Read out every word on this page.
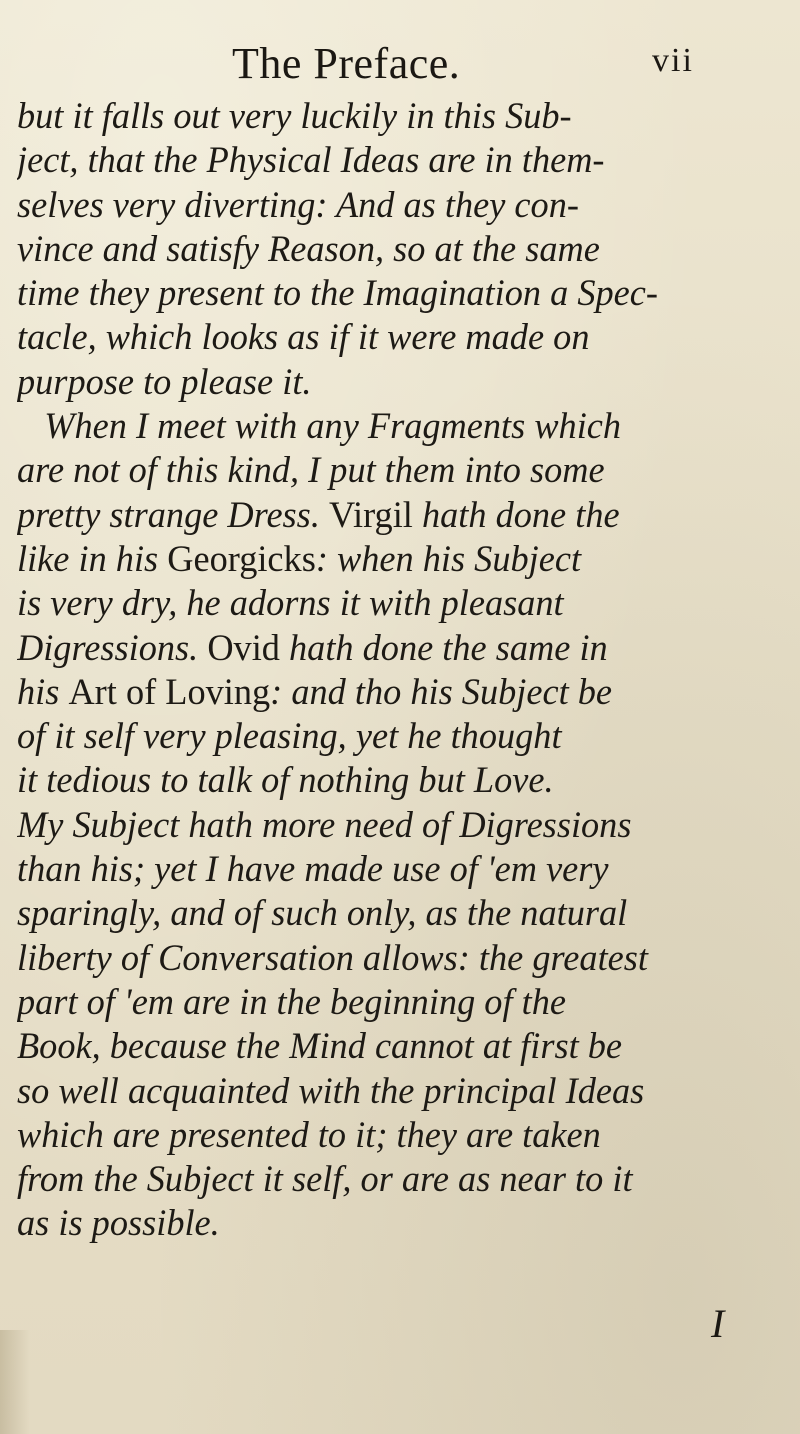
The Preface.	vii
but it falls out very luckily in this Sub-
ject, that the Physical Ideas are in them-
selves very diverting: And as they con-
vince and satisfy Reason, so at the same
time they present to the Imagination a Spec-
tacle, which looks as if it were made on
purpose to please it.
When I meet with any Fragments which
are not of this kind, I put them into some
pretty strange Dress. Virgil hath done the
like in his Georgicks: when his Subject
is very dry, he adorns it with pleasant
Digressions. Ovid hath done the same in
his Art of Loving: and tho his Subject be
of it self very pleasing, yet he thought
it tedious to talk of nothing but Love.
My Subject hath more need of Digressions
than his; yet I have made use of 'em very
sparingly, and of such only, as the natural
liberty of Conversation allows: the greatest
part of 'em are in the beginning of the
Book, because the Mind cannot at first be
so well acquainted with the principal Ideas
which are presented to it; they are taken
from the Subject it self, or are as near to it
as is possible.
I
